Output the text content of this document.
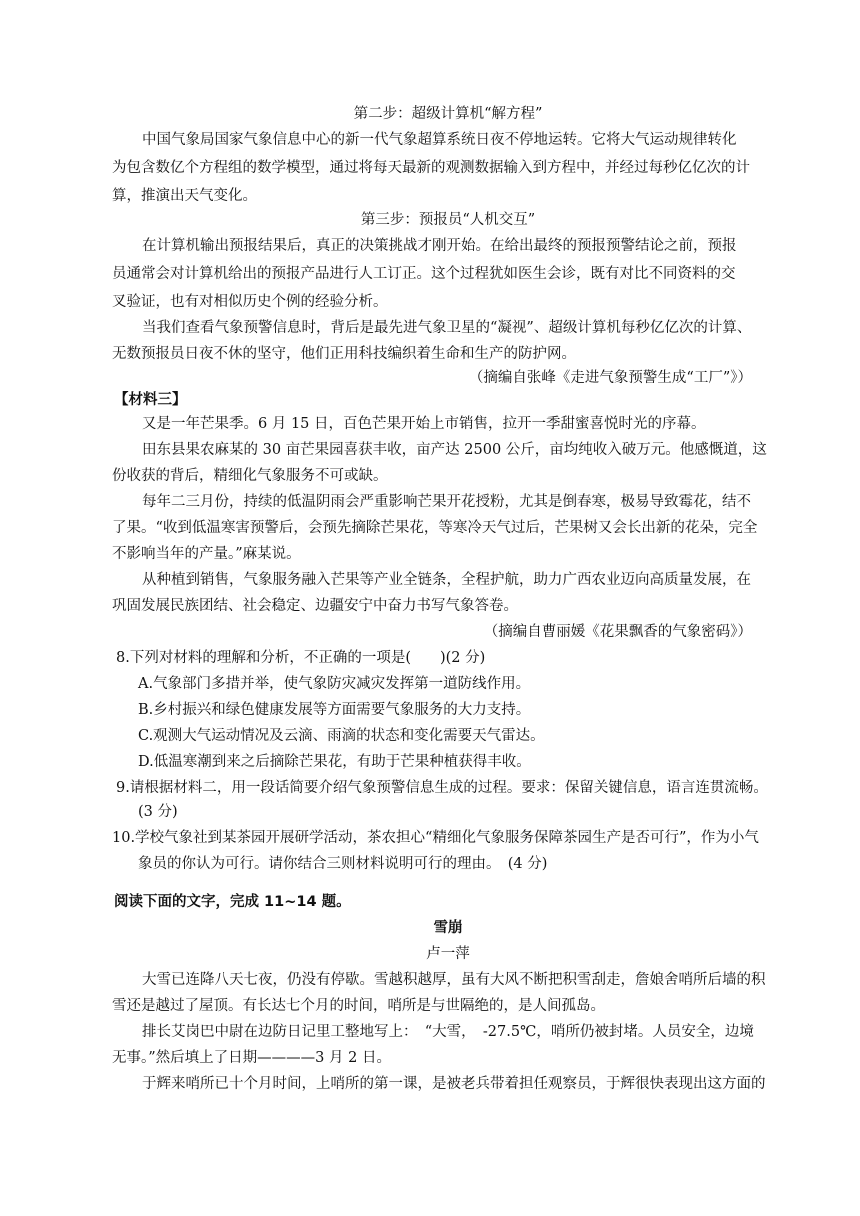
第二步：超级计算机“解方程”
中国气象局国家气象信息中心的新一代气象超算系统日夜不停地运转。它将大气运动规律转化
为包含数亿个方程组的数学模型，通过将每天最新的观测数据输入到方程中，并经过每秒亿亿次的计
算，推演出天气变化。
第三步：预报员“人机交互”
在计算机输出预报结果后，真正的决策挑战才刚开始。在给出最终的预报预警结论之前，预报
员通常会对计算机给出的预报产品进行人工订正。这个过程犹如医生会诊，既有对比不同资料的交
叉验证，也有对相似历史个例的经验分析。
当我们查看气象预警信息时，背后是最先进气象卫星的“凝视”、超级计算机每秒亿亿次的计算、
无数预报员日夜不休的坚守，他们正用科技编织着生命和生产的防护网。
（摘编自张峰《走进气象预警生成“工厂”》）
【材料三】
又是一年芒果季。6 月 15 日，百色芒果开始上市销售，拉开一季甜蜜喜悦时光的序幕。
田东县果农麻某的 30 亩芒果园喜获丰收，亩产达 2500 公斤，亩均纯收入破万元。他感慨道，这
份收获的背后，精细化气象服务不可或缺。
每年二三月份，持续的低温阴雨会严重影响芒果开花授粉，尤其是倒春寒，极易导致霉花，结不
了果。“收到低温寒害预警后，会预先摘除芒果花，等寒冷天气过后，芒果树又会长出新的花朵，完全
不影响当年的产量。”麻某说。
从种植到销售，气象服务融入芒果等产业全链条，全程护航，助力广西农业迈向高质量发展，在
巩固发展民族团结、社会稳定、边疆安宁中奋力书写气象答卷。
（摘编自曹丽媛《花果飘香的气象密码》）
8.下列对材料的理解和分析，不正确的一项是(　　)(2 分)
A.气象部门多措并举，使气象防灾减灾发挥第一道防线作用。
B.乡村振兴和绿色健康发展等方面需要气象服务的大力支持。
C.观测大气运动情况及云滴、雨滴的状态和变化需要天气雷达。
D.低温寒潮到来之后摘除芒果花，有助于芒果种植获得丰收。
9.请根据材料二，用一段话简要介绍气象预警信息生成的过程。要求：保留关键信息，语言连贯流畅。
(3 分)
10.学校气象社到某茶园开展研学活动，茶农担心“精细化气象服务保障茶园生产是否可行”，作为小气
象员的你认为可行。请你结合三则材料说明可行的理由。　(4 分)
阅读下面的文字，完成 11~14 题。
雪崩
卢一萍
大雪已连降八天七夜，仍没有停歇。雪越积越厚，虽有大风不断把积雪刮走，詹娘舍哨所后墙的积
雪还是越过了屋顶。有长达七个月的时间，哨所是与世隔绝的，是人间孤岛。
排长艾岗巴中尉在边防日记里工整地写上：　“大雪，　-27.5℃，哨所仍被封堵。人员安全，边境
无事。”然后填上了日期————3 月 2 日。
于辉来哨所已十个月时间，上哨所的第一课，是被老兵带着担任观察员，于辉很快表现出这方面的
